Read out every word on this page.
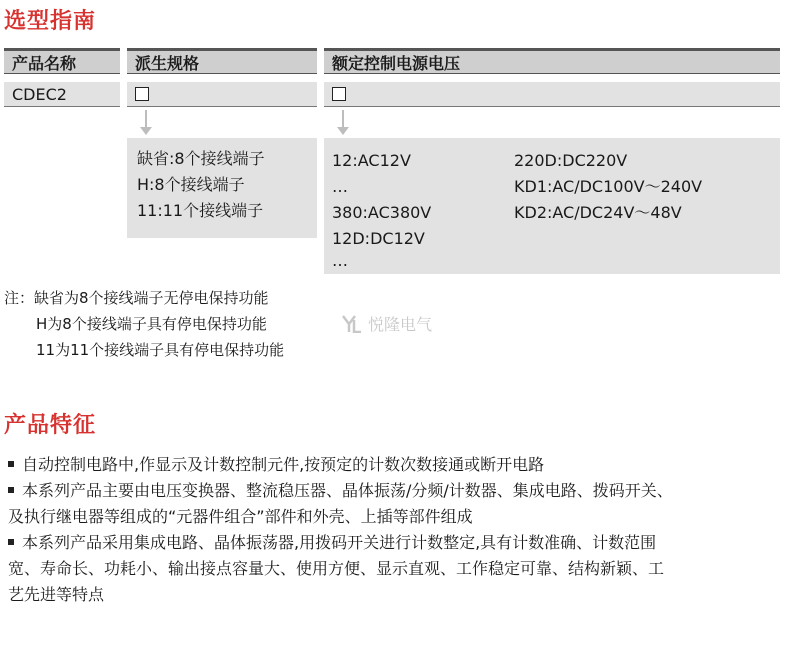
选型指南
产品名称	派生规格	额定控制电源电压
CDEC2
缺省:8个接线端子
H:8个接线端子
11:11个接线端子
12:AC12V
…
380:AC380V
12D:DC12V
…
220D:DC220V
KD1:AC/DC100V～240V
KD2:AC/DC24V～48V
注：缺省为8个接线端子无停电保持功能
H为8个接线端子具有停电保持功能
11为11个接线端子具有停电保持功能
悦隆电气
产品特征
自动控制电路中,作显示及计数控制元件,按预定的计数次数接通或断开电路
本系列产品主要由电压变换器、整流稳压器、晶体振荡/分频/计数器、集成电路、拨码开关、
及执行继电器等组成的“元器件组合”部件和外壳、上插等部件组成
本系列产品采用集成电路、晶体振荡器,用拨码开关进行计数整定,具有计数准确、计数范围
宽、寿命长、功耗小、输出接点容量大、使用方便、显示直观、工作稳定可靠、结构新颖、工
艺先进等特点
